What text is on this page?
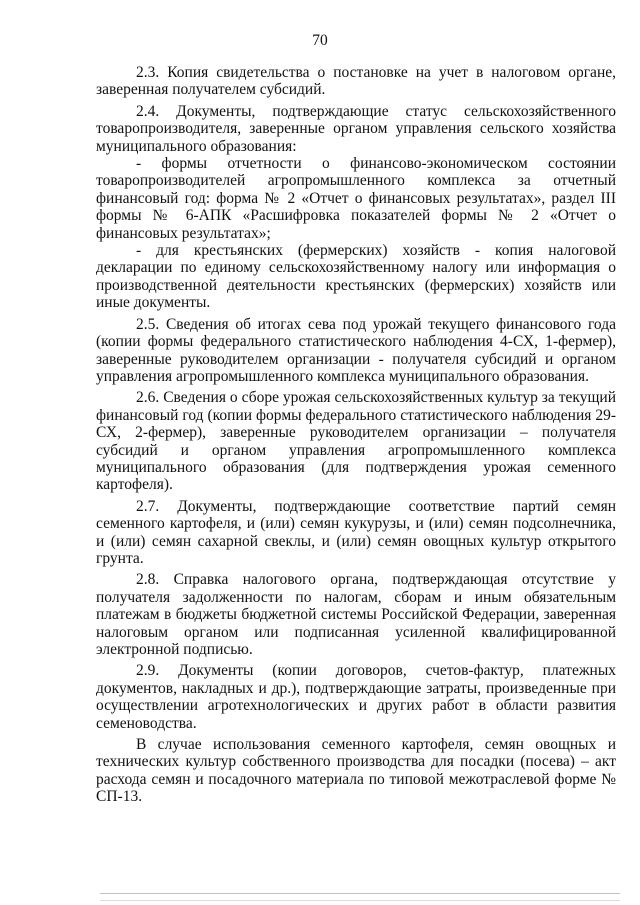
70

2.3. Копия свидетельства о постановке на учет в налоговом органе, заверенная получателем субсидий.

2.4. Документы, подтверждающие статус сельскохозяйственного товаропроизводителя, заверенные органом управления сельского хозяйства муниципального образования:

- формы отчетности о финансово-экономическом состоянии товаропроизводителей агропромышленного комплекса за отчетный финансовый год: форма № 2 «Отчет о финансовых результатах», раздел III формы № 6-АПК «Расшифровка показателей формы № 2 «Отчет о финансовых результатах»;

- для крестьянских (фермерских) хозяйств - копия налоговой декларации по единому сельскохозяйственному налогу или информация о производственной деятельности крестьянских (фермерских) хозяйств или иные документы.

2.5. Сведения об итогах сева под урожай текущего финансового года (копии формы федерального статистического наблюдения 4-СХ, 1-фермер), заверенные руководителем организации - получателя субсидий и органом управления агропромышленного комплекса муниципального образования.

2.6. Сведения о сборе урожая сельскохозяйственных культур за текущий финансовый год (копии формы федерального статистического наблюдения 29-СХ, 2-фермер), заверенные руководителем организации – получателя субсидий и органом управления агропромышленного комплекса муниципального образования (для подтверждения урожая семенного картофеля).

2.7. Документы, подтверждающие соответствие партий семян семенного картофеля, и (или) семян кукурузы, и (или) семян подсолнечника, и (или) семян сахарной свеклы, и (или) семян овощных культур открытого грунта.

2.8. Справка налогового органа, подтверждающая отсутствие у получателя задолженности по налогам, сборам и иным обязательным платежам в бюджеты бюджетной системы Российской Федерации, заверенная налоговым органом или подписанная усиленной квалифицированной электронной подписью.

2.9. Документы (копии договоров, счетов-фактур, платежных документов, накладных и др.), подтверждающие затраты, произведенные при осуществлении агротехнологических и других работ в области развития семеноводства.

В случае использования семенного картофеля, семян овощных и технических культур собственного производства для посадки (посева) – акт расхода семян и посадочного материала по типовой межотраслевой форме № СП-13.
